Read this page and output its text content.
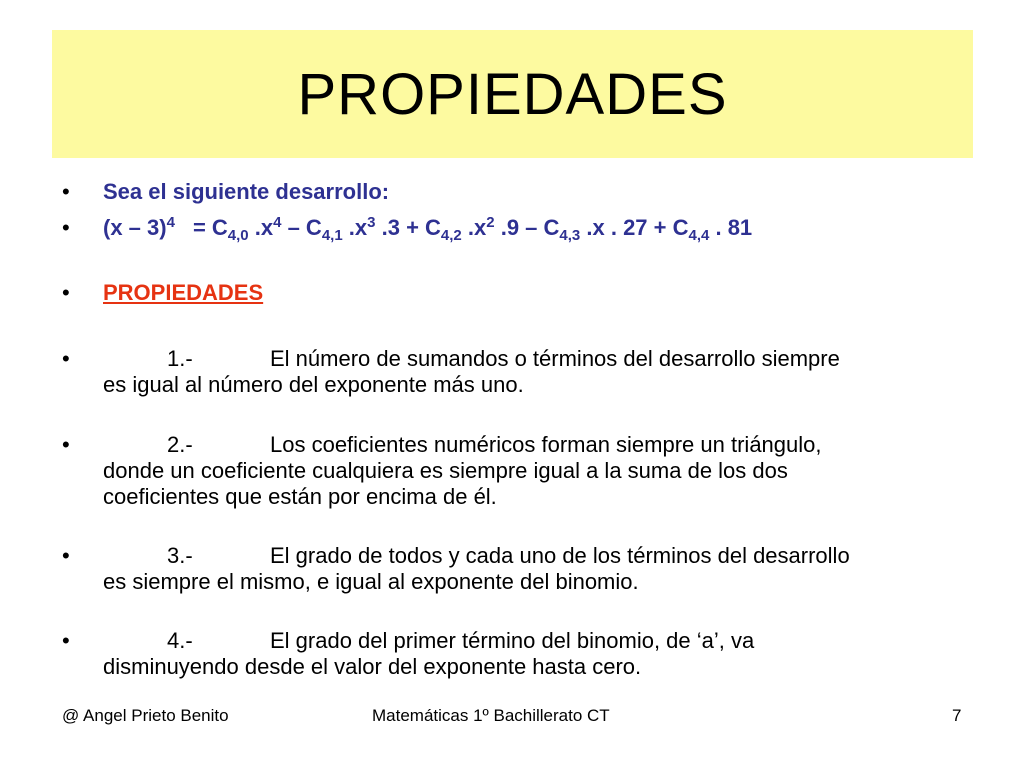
PROPIEDADES
• Sea el siguiente desarrollo:
• $(x - 3)^4 = C_{4,0}$ $.x^4 - C_{4,1}$ $.x^3$ $.3 + C_{4,2}$ $.x^2$ $.9 - C_{4,3}$ .x . $27 + C_{4,4}$ . 81
• PROPIEDADES
•	1.-	El número de sumandos o términos del desarrollo siempre
es igual al número del exponente más uno.
•	2.-	Los coeficientes numéricos forman siempre un triángulo,
donde un coeficiente cualquiera es siempre igual a la suma de los dos
coeficientes que están por encima de él.
•	3.-	El grado de todos y cada uno de los términos del desarrollo
es siempre el mismo, e igual al exponente del binomio.
•	4.-	El grado del primer término del binomio, de ‘a’, va
disminuyendo desde el valor del exponente hasta cero.
@ Angel Prieto Benito	Matemáticas 1º Bachillerato CT	7
